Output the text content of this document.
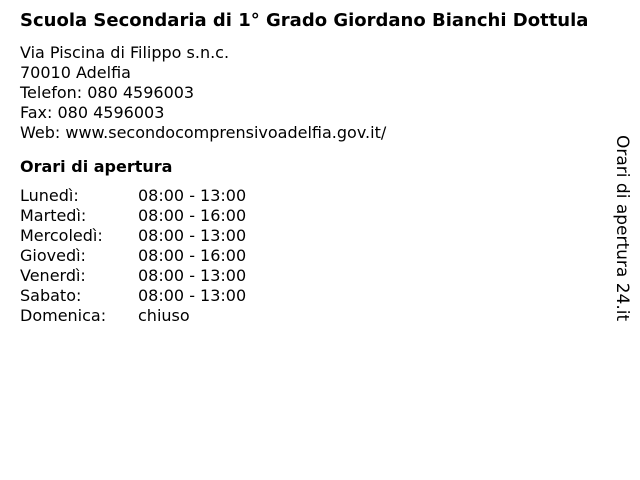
Scuola Secondaria di 1° Grado Giordano Bianchi Dottula
Via Piscina di Filippo s.n.c.
70010 Adelfia
Telefon: 080 4596003
Fax: 080 4596003
Web: www.secondocomprensivoadelfia.gov.it/
Orari di apertura
Lunedì:	08:00 - 13:00
Martedì:	08:00 - 16:00
Mercoledì:	08:00 - 13:00
Giovedì:	08:00 - 16:00
Venerdì:	08:00 - 13:00
Sabato:	08:00 - 13:00
Domenica:	chiuso	Orari di apertura 24.it
